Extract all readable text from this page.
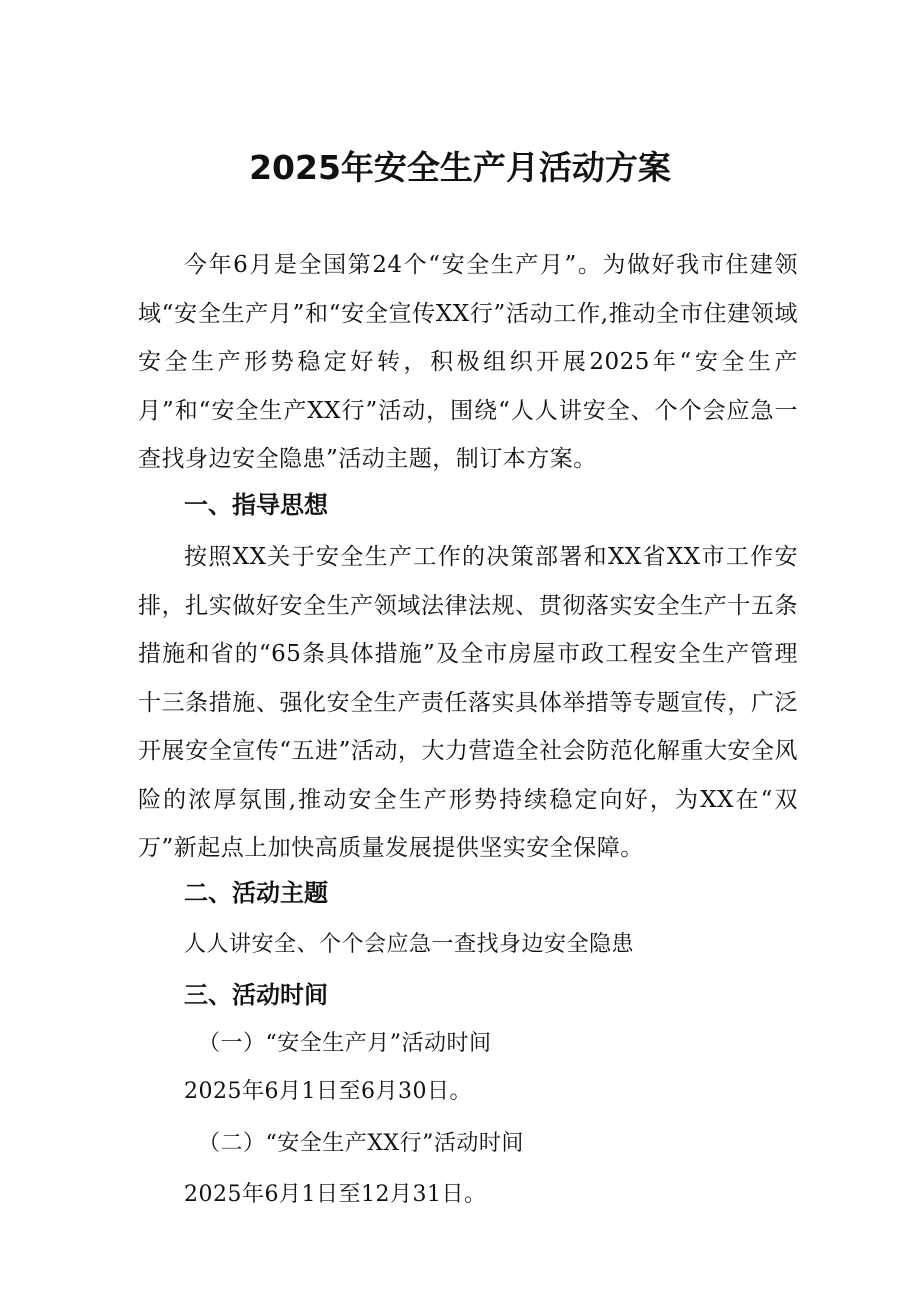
2025年安全生产月活动方案

今年6月是全国第24个“安全生产月”。为做好我市住建领域“安全生产月”和“安全宣传XX行”活动工作,推动全市住建领域安全生产形势稳定好转，积极组织开展2025年“安全生产月”和“安全生产XX行”活动，围绕“人人讲安全、个个会应急一查找身边安全隐患”活动主题，制订本方案。

一、指导思想

按照XX关于安全生产工作的决策部署和XX省XX市工作安排，扎实做好安全生产领域法律法规、贯彻落实安全生产十五条措施和省的“65条具体措施”及全市房屋市政工程安全生产管理十三条措施、强化安全生产责任落实具体举措等专题宣传，广泛开展安全宣传“五进”活动，大力营造全社会防范化解重大安全风险的浓厚氛围,推动安全生产形势持续稳定向好，为XX在“双万”新起点上加快高质量发展提供坚实安全保障。

二、活动主题

人人讲安全、个个会应急一查找身边安全隐患

三、活动时间

（一）“安全生产月”活动时间

2025年6月1日至6月30日。

（二）“安全生产XX行”活动时间

2025年6月1日至12月31日。
